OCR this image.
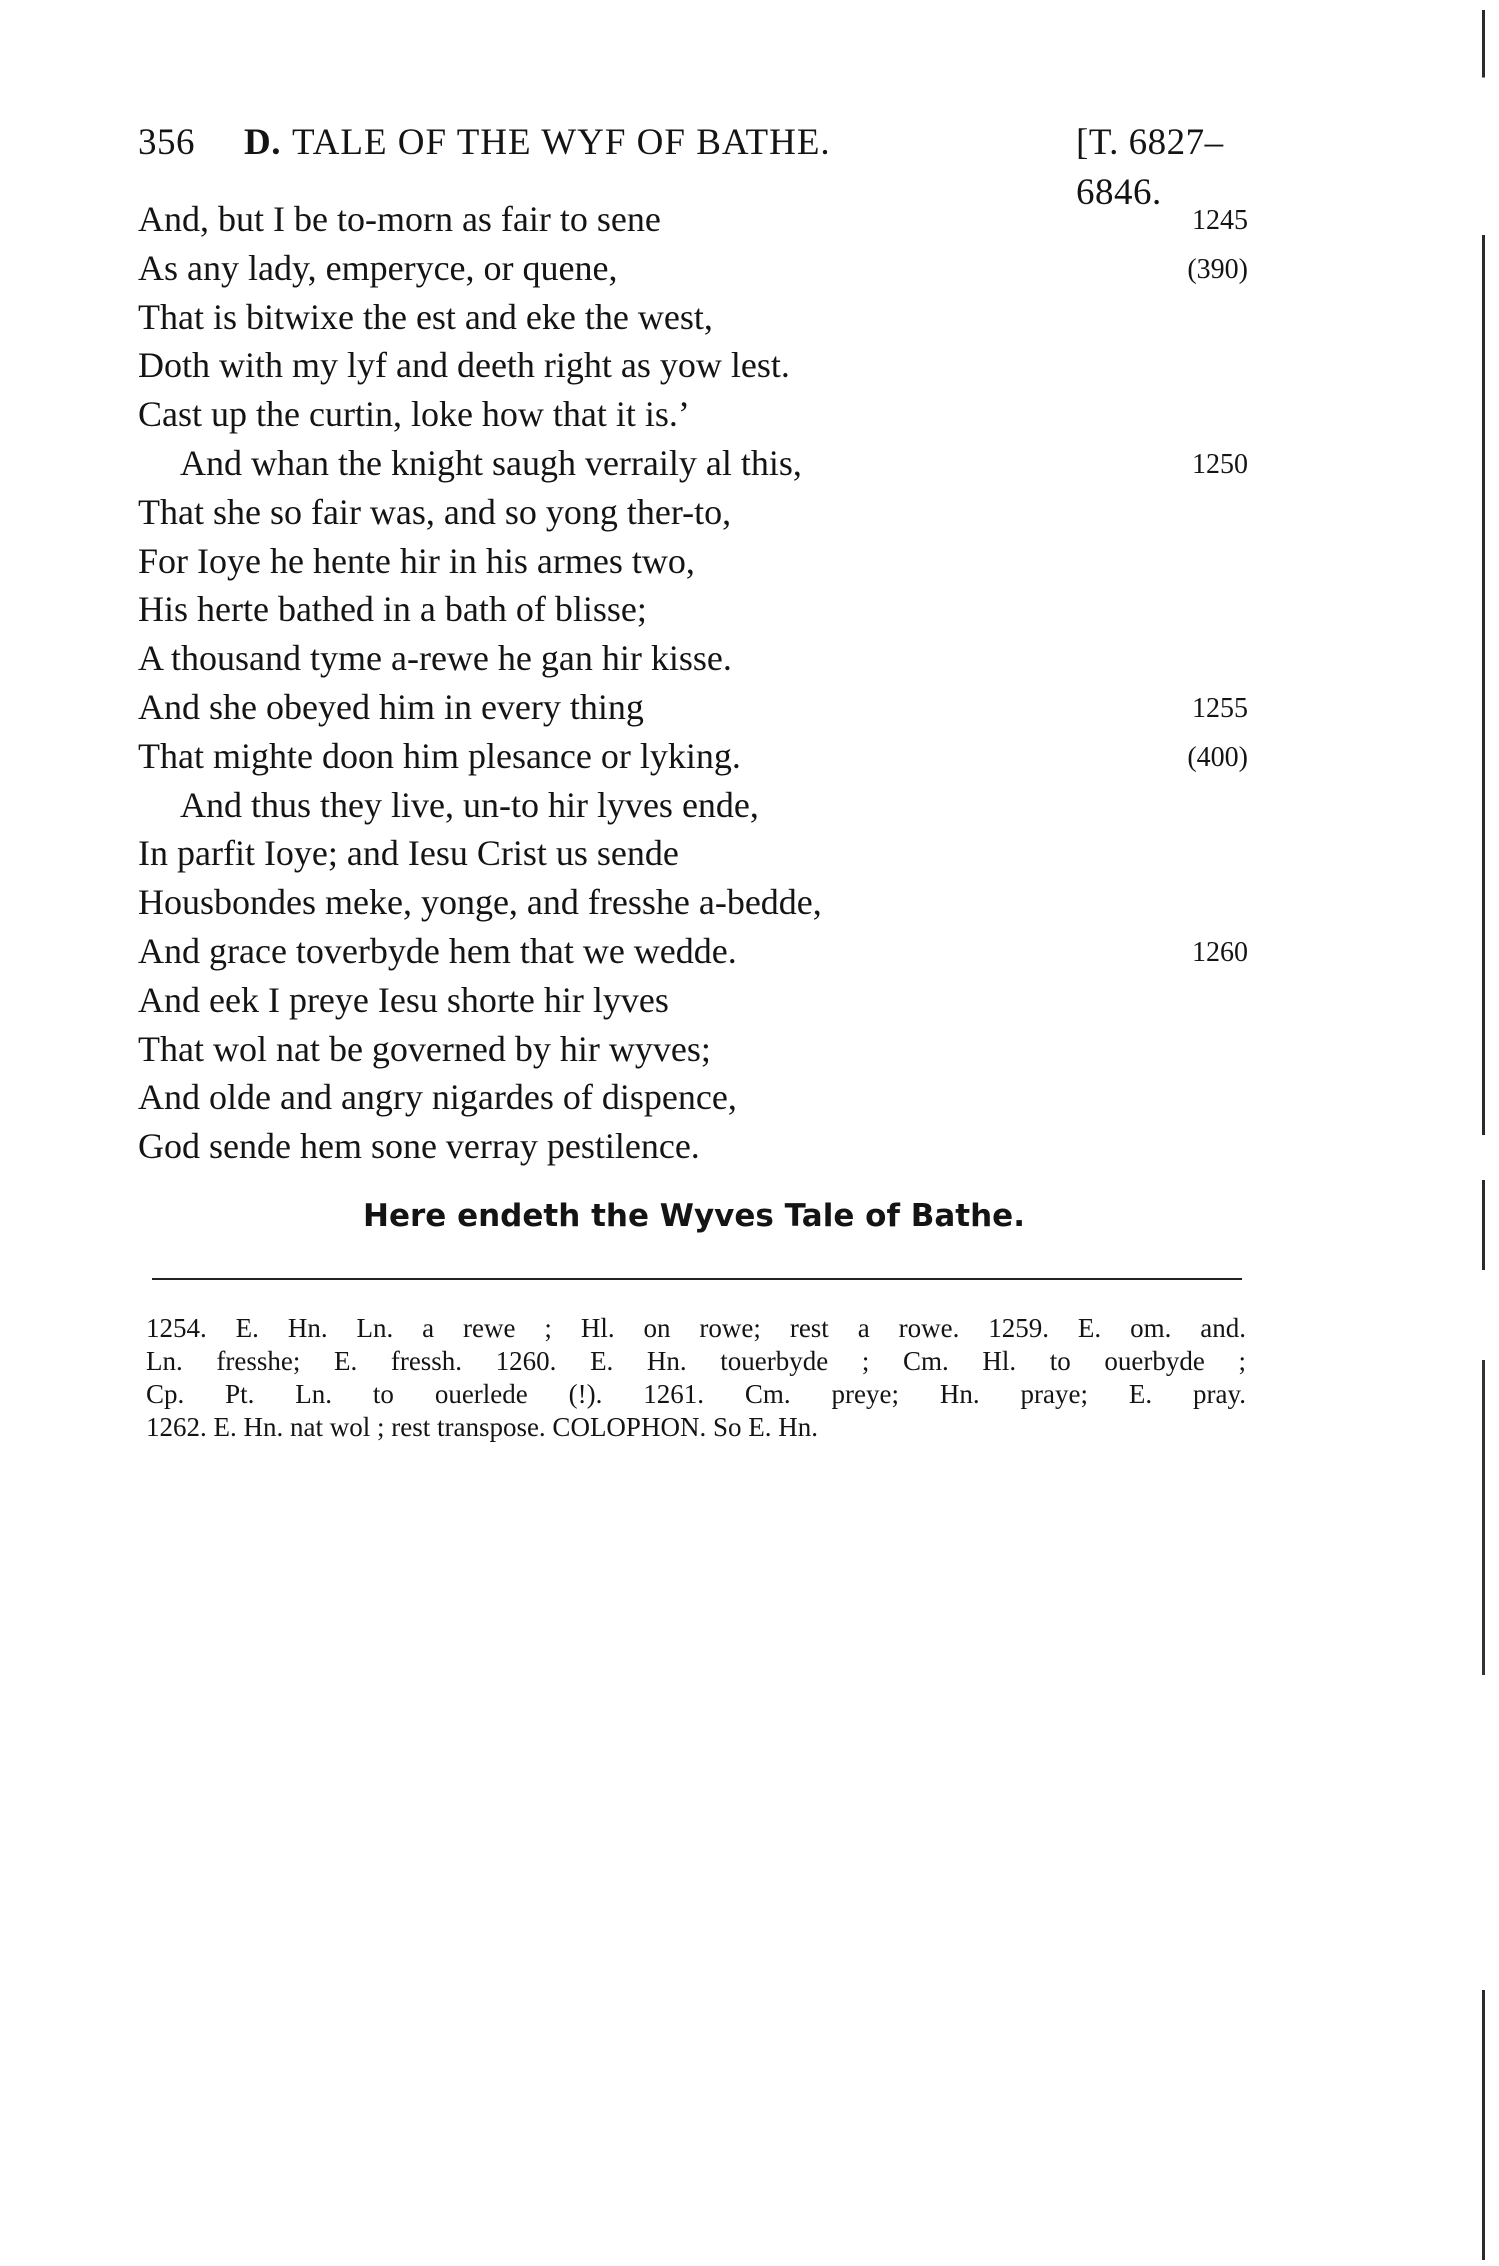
356 D. TALE OF THE WYF OF BATHE.	[T. 6827–6846.
And, but I be to-morn as fair to sene	1245
As any lady, emperyce, or quene,	(390)
That is bitwixe the est and eke the west,
Doth with my lyf and deeth right as yow lest.
Cast up the curtin, loke how that it is.’
And whan the knight saugh verraily al this,	1250
That she so fair was, and so yong ther-to,
For Ioye he hente hir in his armes two,
His herte bathed in a bath of blisse;
A thousand tyme a-rewe he gan hir kisse.
And she obeyed him in every thing	1255
That mighte doon him plesance or lyking.	(400)
And thus they live, un-to hir lyves ende,
In parfit Ioye; and Iesu Crist us sende
Housbondes meke, yonge, and fresshe a-bedde,
And grace toverbyde hem that we wedde.	1260
And eek I preye Iesu shorte hir lyves
That wol nat be governed by hir wyves;
And olde and angry nigardes of dispence,
God sende hem sone verray pestilence.
Here endeth the Wyves Tale of Bathe.
1254. E. Hn. Ln. a rewe ; Hl. on rowe; rest a rowe. 1259. E. om. and.
Ln. fresshe; E. fressh. 1260. E. Hn. touerbyde ; Cm. Hl. to ouerbyde ;
Cp. Pt. Ln. to ouerlede (!). 1261. Cm. preye; Hn. praye; E. pray.
1262. E. Hn. nat wol ; rest transpose. COLOPHON. So E. Hn.
